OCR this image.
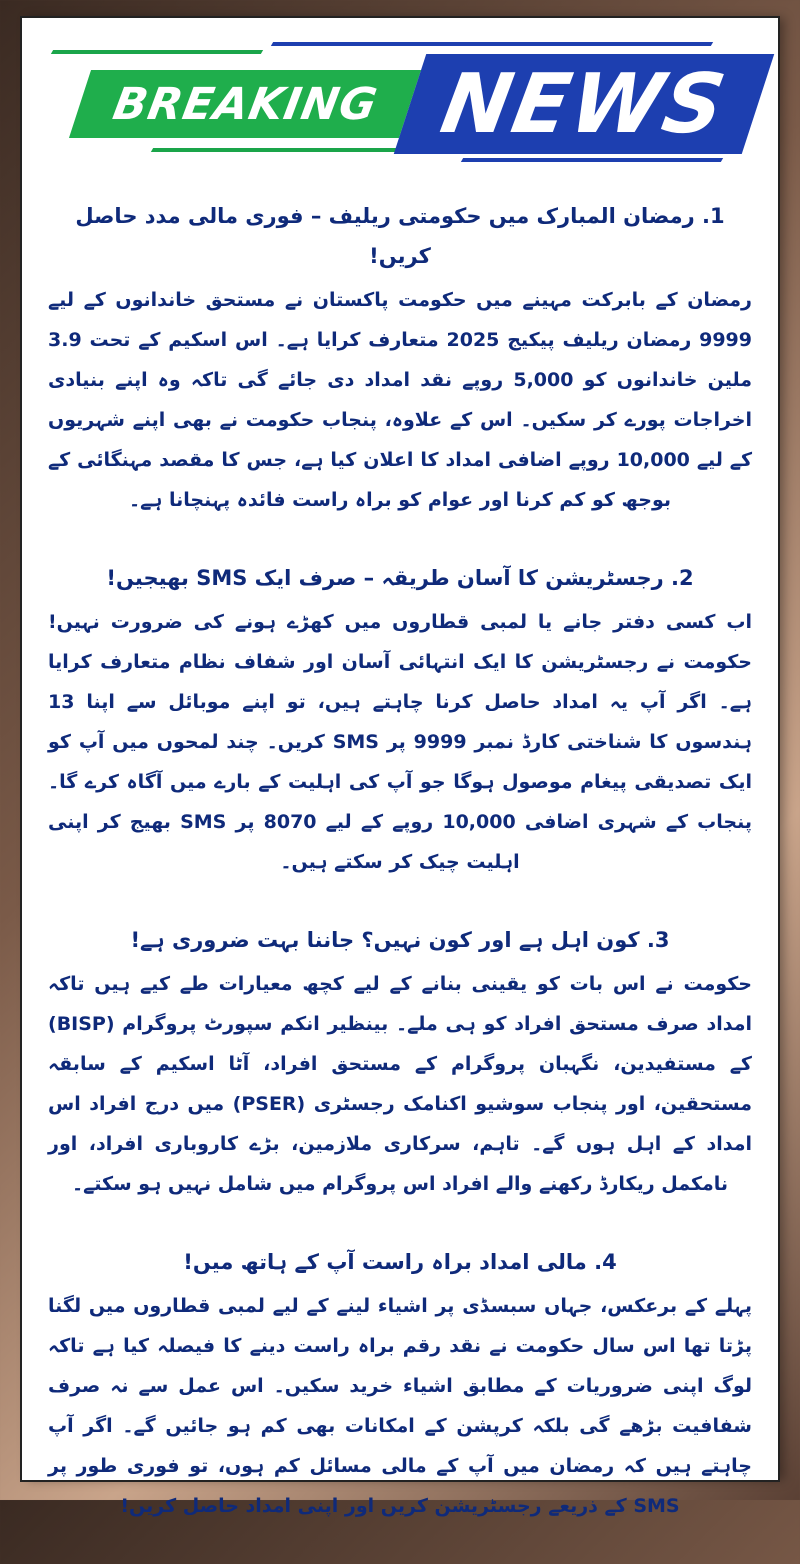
BREAKING NEWS
1. رمضان المبارک میں حکومتی ریلیف – فوری مالی مدد حاصل کریں!

رمضان کے بابرکت مہینے میں حکومت پاکستان نے مستحق خاندانوں کے لیے 9999 رمضان ریلیف پیکیج 2025 متعارف کرایا ہے۔ اس اسکیم کے تحت 3.9 ملین خاندانوں کو 5,000 روپے نقد امداد دی جائے گی تاکہ وہ اپنے بنیادی اخراجات پورے کر سکیں۔ اس کے علاوہ، پنجاب حکومت نے بھی اپنے شہریوں کے لیے 10,000 روپے اضافی امداد کا اعلان کیا ہے، جس کا مقصد مہنگائی کے بوجھ کو کم کرنا اور عوام کو براہ راست فائدہ پہنچانا ہے۔

2. رجسٹریشن کا آسان طریقہ – صرف ایک SMS بھیجیں!

اب کسی دفتر جانے یا لمبی قطاروں میں کھڑے ہونے کی ضرورت نہیں! حکومت نے رجسٹریشن کا ایک انتہائی آسان اور شفاف نظام متعارف کرایا ہے۔ اگر آپ یہ امداد حاصل کرنا چاہتے ہیں، تو اپنے موبائل سے اپنا 13 ہندسوں کا شناختی کارڈ نمبر 9999 پر SMS کریں۔ چند لمحوں میں آپ کو ایک تصدیقی پیغام موصول ہوگا جو آپ کی اہلیت کے بارے میں آگاہ کرے گا۔ پنجاب کے شہری اضافی 10,000 روپے کے لیے 8070 پر SMS بھیج کر اپنی اہلیت چیک کر سکتے ہیں۔

3. کون اہل ہے اور کون نہیں؟ جاننا بہت ضروری ہے!

حکومت نے اس بات کو یقینی بنانے کے لیے کچھ معیارات طے کیے ہیں تاکہ امداد صرف مستحق افراد کو ہی ملے۔ بینظیر انکم سپورٹ پروگرام (BISP) کے مستفیدین، نگہبان پروگرام کے مستحق افراد، آٹا اسکیم کے سابقہ مستحقین، اور پنجاب سوشیو اکنامک رجسٹری (PSER) میں درج افراد اس امداد کے اہل ہوں گے۔ تاہم، سرکاری ملازمین، بڑے کاروباری افراد، اور نامکمل ریکارڈ رکھنے والے افراد اس پروگرام میں شامل نہیں ہو سکتے۔

4. مالی امداد براہ راست آپ کے ہاتھ میں!

پہلے کے برعکس، جہاں سبسڈی پر اشیاء لینے کے لیے لمبی قطاروں میں لگنا پڑتا تھا اس سال حکومت نے نقد رقم براہ راست دینے کا فیصلہ کیا ہے تاکہ لوگ اپنی ضروریات کے مطابق اشیاء خرید سکیں۔ اس عمل سے نہ صرف شفافیت بڑھے گی بلکہ کرپشن کے امکانات بھی کم ہو جائیں گے۔ اگر آپ چاہتے ہیں کہ رمضان میں آپ کے مالی مسائل کم ہوں، تو فوری طور پر SMS کے ذریعے رجسٹریشن کریں اور اپنی امداد حاصل کریں!
